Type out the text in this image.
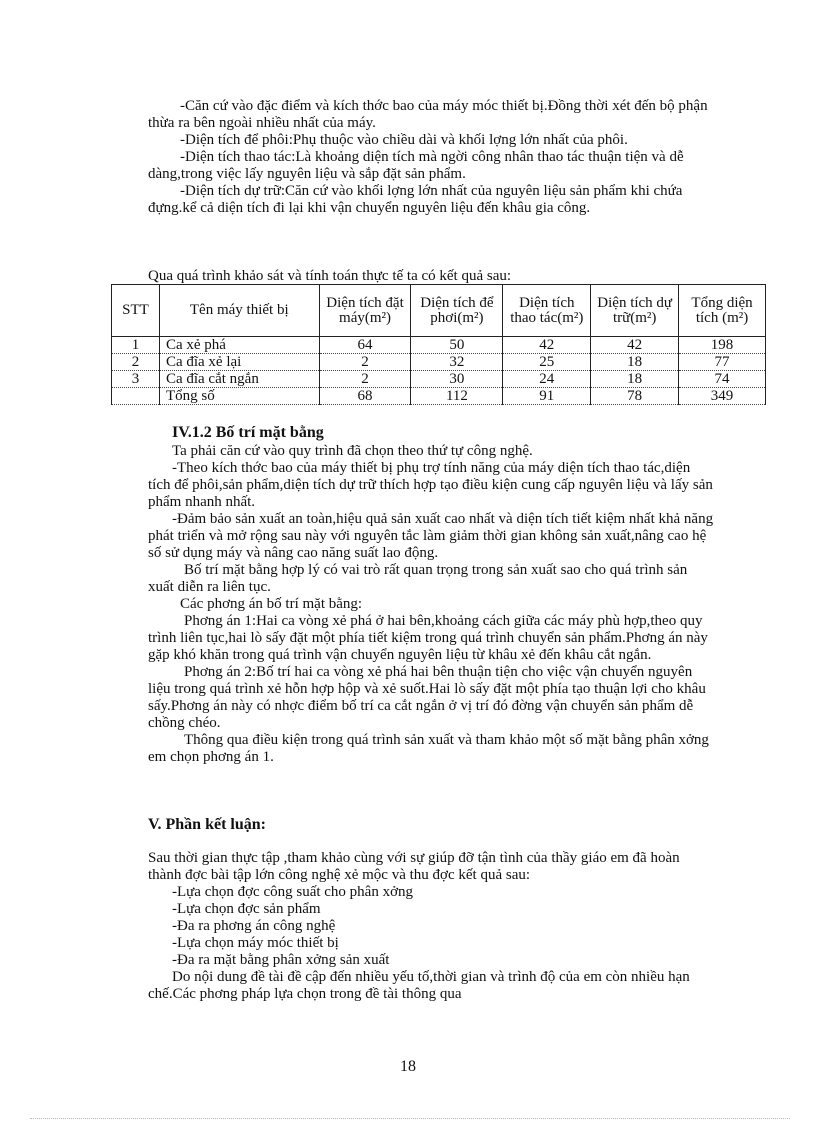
-Căn cứ vào đặc điểm và kích thớc bao của máy móc thiết bị.Đồng thời xét đến bộ phận thừa ra bên ngoài nhiều nhất của máy.

-Diện tích để phôi:Phụ thuộc vào chiều dài và khối lợng lớn nhất của phôi.

-Diện tích thao tác:Là khoảng diện tích mà ngời công nhân thao tác thuận tiện và dễ dàng,trong việc lấy nguyên liệu và sắp đặt sản phẩm.

-Diện tích dự trữ:Căn cứ vào khối lợng lớn nhất của nguyên liệu sản phẩm khi chứa đựng.kể cả diện tích đi lại khi vận chuyển nguyên liệu đến khâu gia công.

Qua quá trình khảo sát và tính toán thực tế ta có kết quả sau:

STT	Tên máy thiết bị	Diện tích đặt máy(m²)	Diện tích để phơi(m²)	Diện tích thao tác(m²)	Diện tích dự trữ(m²)	Tổng diện tích (m²)
1	Ca xẻ phá	64	50	42	42	198
2	Ca đĩa xẻ lại	2	32	25	18	77
3	Ca đĩa cắt ngắn	2	30	24	18	74
	Tổng số	68	112	91	78	349
IV.1.2 Bố trí mặt bằng

Ta phải căn cứ vào quy trình đã chọn theo thứ tự công nghệ.

-Theo kích thớc bao của máy thiết bị phụ trợ tính năng của máy diện tích thao tác,diện tích để phôi,sản phẩm,diện tích dự trữ thích hợp tạo điều kiện cung cấp nguyên liệu và lấy sản phẩm nhanh nhất.

-Đảm bảo sản xuất an toàn,hiệu quả sản xuất cao nhất và diện tích tiết kiệm nhất khả năng phát triển và mở rộng sau này với nguyên tắc làm giảm thời gian không sản xuất,nâng cao hệ số sử dụng máy và nâng cao năng suất lao động.

Bố trí mặt bằng hợp lý có vai trò rất quan trọng trong sản xuất sao cho quá trình sản xuất diễn ra liên tục.

Các phơng án bố trí mặt bằng:

Phơng án 1:Hai ca vòng xẻ phá ở hai bên,khoảng cách giữa các máy phù hợp,theo quy trình liên tục,hai lò sấy đặt một phía tiết kiệm trong quá trình chuyển sản phẩm.Phơng án này gặp khó khăn trong quá trình vận chuyển nguyên liệu từ khâu xẻ đến khâu cắt ngắn.

Phơng án 2:Bố trí hai ca vòng xẻ phá hai bên thuận tiện cho việc vận chuyển nguyên liệu trong quá trình xẻ hỗn hợp hộp và xẻ suốt.Hai lò sấy đặt một phía tạo thuận lợi cho khâu sấy.Phơng án này có nhợc điểm bố trí ca cắt ngắn ở vị trí đó đờng vận chuyển sản phẩm dễ chồng chéo.

Thông qua điều kiện trong quá trình sản xuất và tham khảo một số mặt bằng phân xởng em chọn phơng án 1.

V. Phần kết luận:

Sau thời gian thực tập ,tham khảo cùng với sự giúp đỡ tận tình của thầy giáo em đã hoàn thành đợc bài tập lớn công nghệ xẻ mộc và thu đợc kết quả sau:

-Lựa chọn đợc công suất cho phân xởng

-Lựa chọn đợc sản phẩm

-Đa ra phơng án công nghệ

-Lựa chọn máy móc thiết bị

-Đa ra mặt bằng phân xởng sản xuất

Do nội dung đề tài đề cập đến nhiều yếu tố,thời gian và trình độ của em còn nhiều hạn chế.Các phơng pháp lựa chọn trong đề tài thông qua

18
